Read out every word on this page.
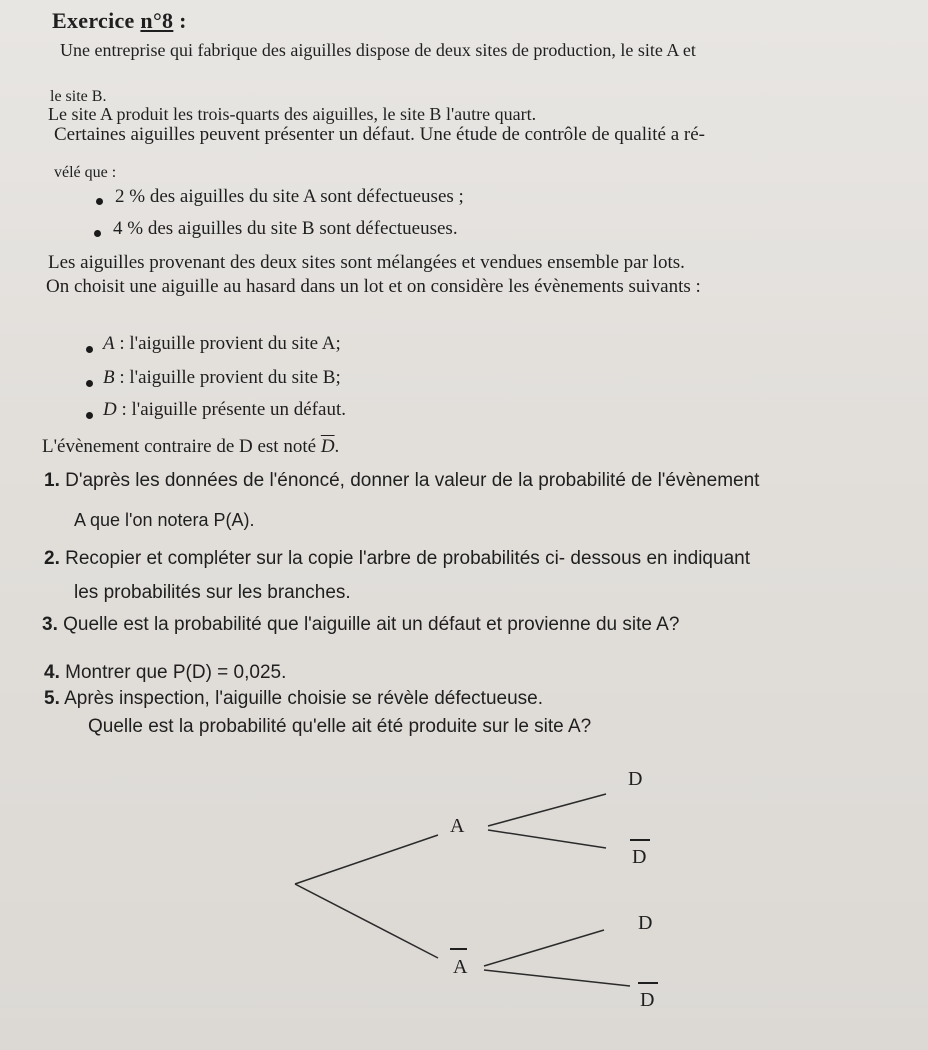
Exercice n°8 :
Une entreprise qui fabrique des aiguilles dispose de deux sites de production, le site A et
le site B.
Le site A produit les trois-quarts des aiguilles, le site B l'autre quart.
Certaines aiguilles peuvent présenter un défaut. Une étude de contrôle de qualité a ré-
vélé que :
2 % des aiguilles du site A sont défectueuses ;
4 % des aiguilles du site B sont défectueuses.
Les aiguilles provenant des deux sites sont mélangées et vendues ensemble par lots.
On choisit une aiguille au hasard dans un lot et on considère les évènements suivants :
A : l'aiguille provient du site A;
B : l'aiguille provient du site B;
D : l'aiguille présente un défaut.
L'évènement contraire de D est noté $\overline{D}$.
1. D'après les données de l'énoncé, donner la valeur de la probabilité de l'évènement
A que l'on notera P(A).
2. Recopier et compléter sur la copie l'arbre de probabilités ci- dessous en indiquant
les probabilités sur les branches.
3. Quelle est la probabilité que l'aiguille ait un défaut et provienne du site A?
4. Montrer que P(D) = 0,025.
5. Après inspection, l'aiguille choisie se révèle défectueuse.
Quelle est la probabilité qu'elle ait été produite sur le site A?
A
A
D
D
D
D
